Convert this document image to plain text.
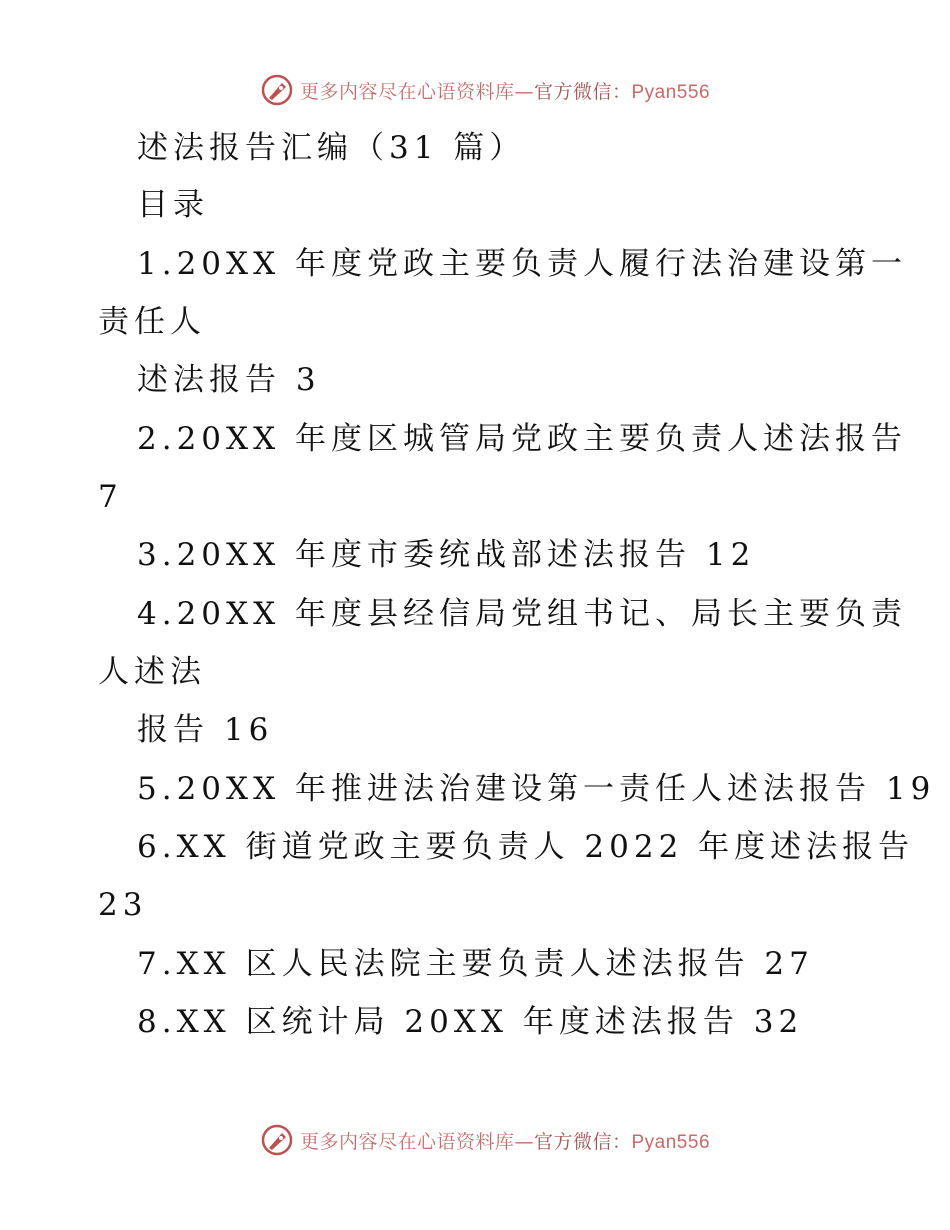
更多内容尽在心语资料库—官方微信：Pyan556
述法报告汇编（31 篇）
目录
1.20XX 年度党政主要负责人履行法治建设第一
责任人
述法报告 3
2.20XX 年度区城管局党政主要负责人述法报告
7
3.20XX 年度市委统战部述法报告 12
4.20XX 年度县经信局党组书记、局长主要负责
人述法
报告 16
5.20XX 年推进法治建设第一责任人述法报告 19
6.XX 街道党政主要负责人 2022 年度述法报告
23
7.XX 区人民法院主要负责人述法报告 27
8.XX 区统计局 20XX 年度述法报告 32
更多内容尽在心语资料库—官方微信：Pyan556
